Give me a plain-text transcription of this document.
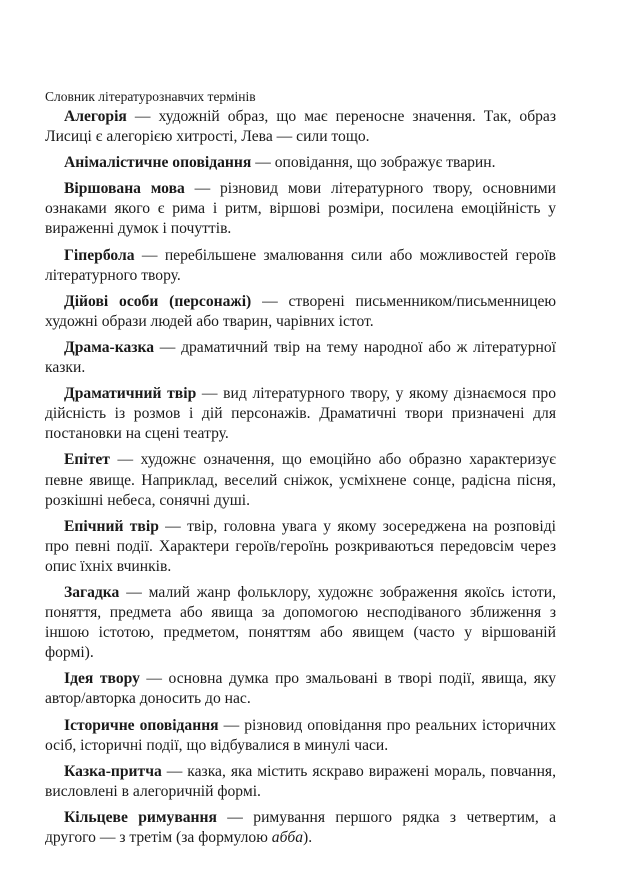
Словник літературознавчих термінів

Алегорія — художній образ, що має переносне значення. Так, образ Лисиці є алегорією хитрості, Лева — сили тощо.

Анімалістичне оповідання — оповідання, що зображує тварин.

Віршована мова — різновид мови літературного твору, основними ознаками якого є рима і ритм, віршові розміри, посилена емоційність у вираженні думок і почуттів.

Гіпербола — перебільшене змалювання сили або можливостей героїв літературного твору.

Дійові особи (персонажі) — створені письменником/письменницею художні образи людей або тварин, чарівних істот.

Драма-казка — драматичний твір на тему народної або ж літературної казки.

Драматичний твір — вид літературного твору, у якому дізнаємося про дійсність із розмов і дій персонажів. Драматичні твори призначені для постановки на сцені театру.

Епітет — художнє означення, що емоційно або образно характеризує певне явище. Наприклад, веселий сніжок, усміхнене сонце, радісна пісня, розкішні небеса, сонячні душі.

Епічний твір — твір, головна увага у якому зосереджена на розповіді про певні події. Характери героїв/героїнь розкриваються передовсім через опис їхніх вчинків.

Загадка — малий жанр фольклору, художнє зображення якоїсь істоти, поняття, предмета або явища за допомогою несподіваного зближення з іншою істотою, предметом, поняттям або явищем (часто у віршованій формі).

Ідея твору — основна думка про змальовані в творі події, явища, яку автор/авторка доносить до нас.

Історичне оповідання — різновид оповідання про реальних історичних осіб, історичні події, що відбувалися в минулі часи.

Казка-притча — казка, яка містить яскраво виражені мораль, повчання, висловлені в алегоричній формі.

Кільцеве римування — римування першого рядка з четвертим, а другого — з третім (за формулою абба).
